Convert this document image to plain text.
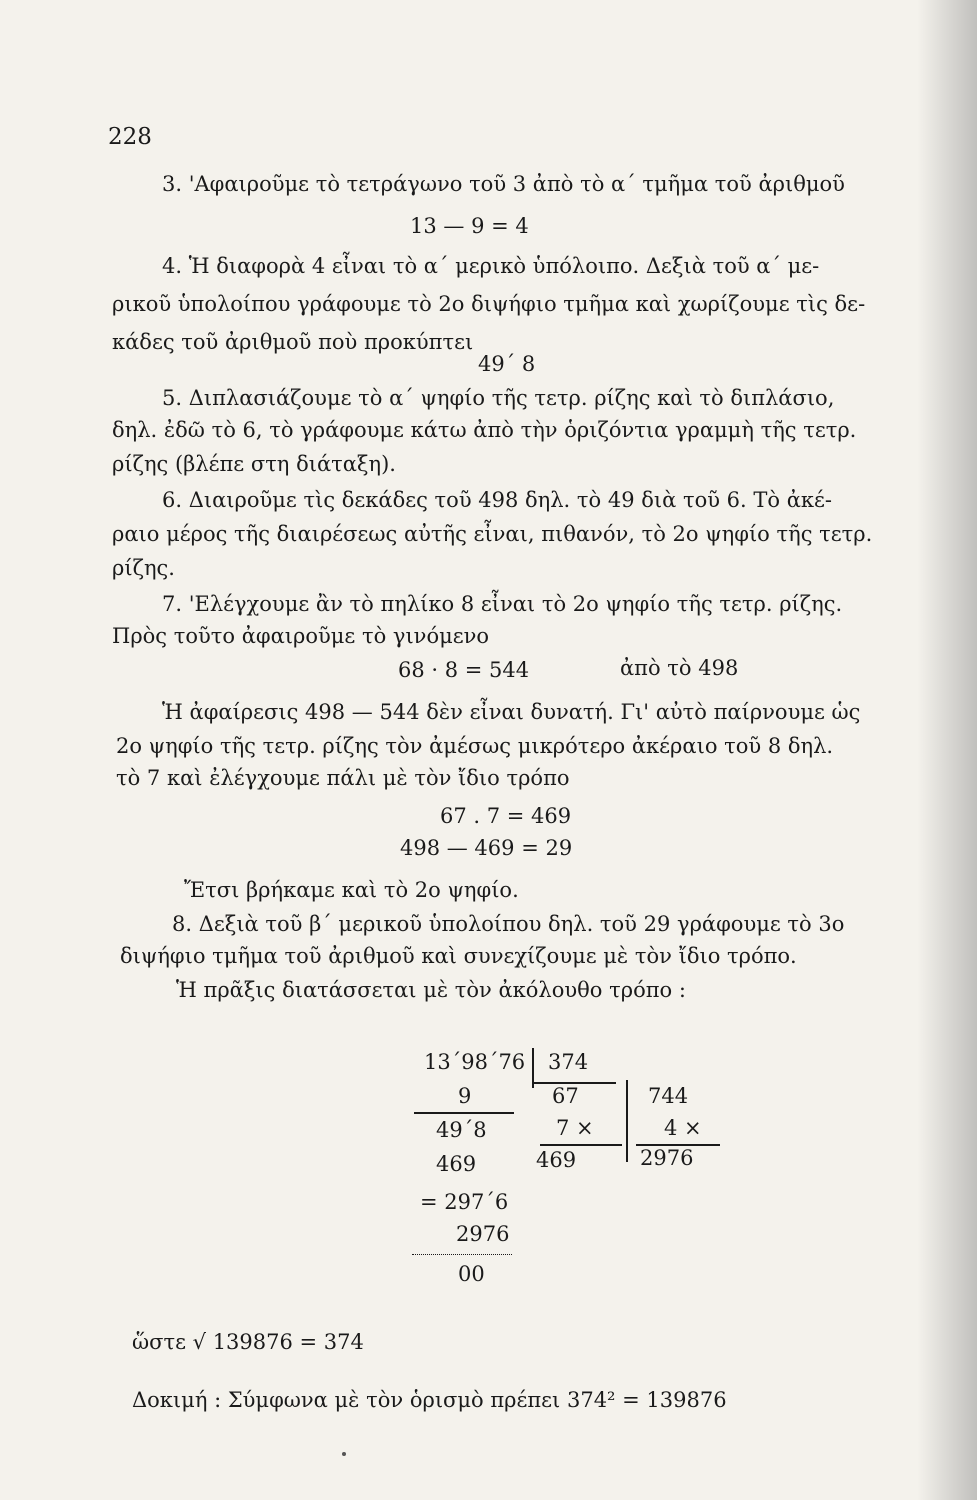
228
3. 'Αφαιροῦμε τὸ τετράγωνο τοῦ 3 ἀπὸ τὸ α΄ τμῆμα τοῦ ἀριθμοῦ
13 — 9 = 4
4. Ἡ διαφορὰ 4 εἶναι τὸ α΄ μερικὸ ὑπόλοιπο. Δεξιὰ τοῦ α΄ με-
ρικοῦ ὑπολοίπου γράφουμε τὸ 2ο διψήφιο τμῆμα καὶ χωρίζουμε τὶς δε-
κάδες τοῦ ἀριθμοῦ ποὺ προκύπτει
49΄ 8
5. Διπλασιάζουμε τὸ α΄ ψηφίο τῆς τετρ. ρίζης καὶ τὸ διπλάσιο,
δηλ. ἐδῶ τὸ 6, τὸ γράφουμε κάτω ἀπὸ τὴν ὁριζόντια γραμμὴ τῆς τετρ.
ρίζης (βλέπε στη διάταξη).
6. Διαιροῦμε τὶς δεκάδες τοῦ 498 δηλ. τὸ 49 διὰ τοῦ 6. Τὸ ἀκέ-
ραιο μέρος τῆς διαιρέσεως αὐτῆς εἶναι, πιθανόν, τὸ 2ο ψηφίο τῆς τετρ.
ρίζης.
7. 'Ελέγχουμε ἂν τὸ πηλίκο 8 εἶναι τὸ 2ο ψηφίο τῆς τετρ. ρίζης.
Πρὸς τοῦτο ἀφαιροῦμε τὸ γινόμενο
68 · 8 = 544	ἀπὸ τὸ 498
Ἡ ἀφαίρεσις 498 — 544 δὲν εἶναι δυνατή. Γι' αὐτὸ παίρνουμε ὡς
2ο ψηφίο τῆς τετρ. ρίζης τὸν ἀμέσως μικρότερο ἀκέραιο τοῦ 8 δηλ.
τὸ 7 καὶ ἐλέγχουμε πάλι μὲ τὸν ἴδιο τρόπο
67 . 7 = 469
498 — 469 = 29
Ἔτσι βρήκαμε καὶ τὸ 2ο ψηφίο.
8. Δεξιὰ τοῦ β΄ μερικοῦ ὑπολοίπου δηλ. τοῦ 29 γράφουμε τὸ 3ο
διψήφιο τμῆμα τοῦ ἀριθμοῦ καὶ συνεχίζουμε μὲ τὸν ἴδιο τρόπο.
Ἡ πρᾶξις διατάσσεται μὲ τὸν ἀκόλουθο τρόπο :
13΄98΄76 374
9	67	744
49΄8	7 ×	4 ×
469	469	2976
= 297΄6
2976
00
ὥστε √ 139876 = 374
Δοκιμή : Σύμφωνα μὲ τὸν ὁρισμὸ πρέπει 374² = 139876
